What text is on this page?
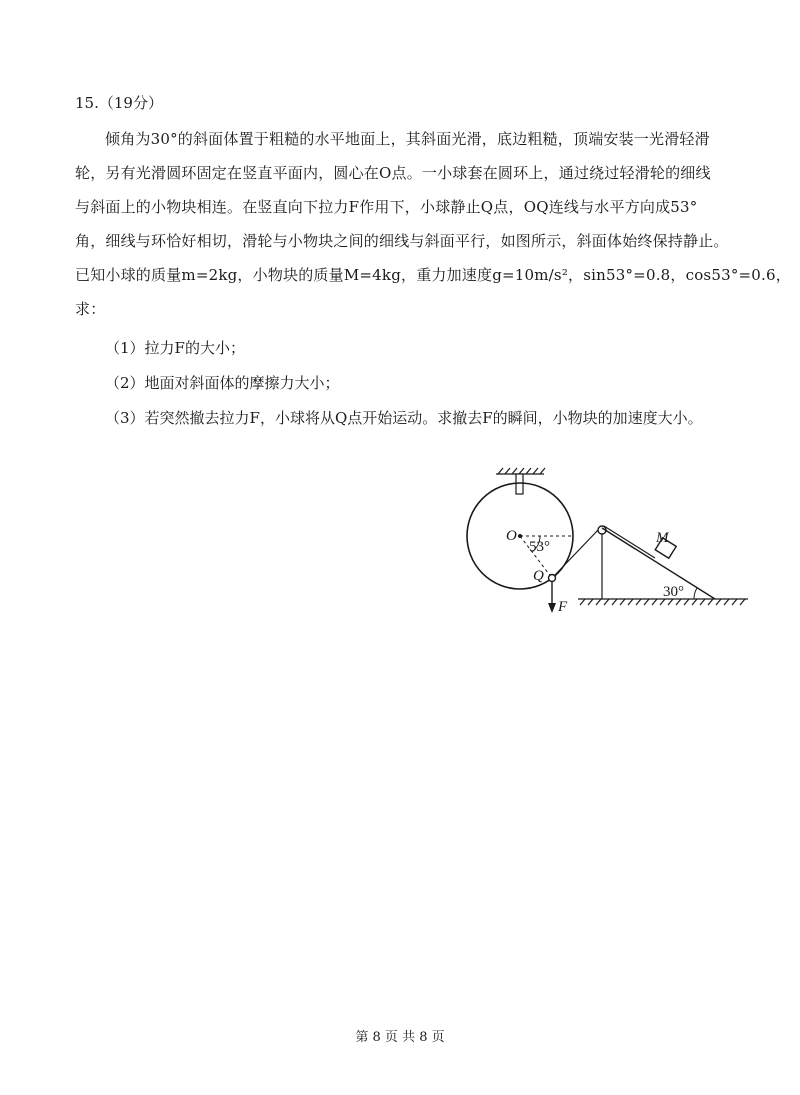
15.（19分）
倾角为30°的斜面体置于粗糙的水平地面上，其斜面光滑，底边粗糙，顶端安装一光滑轻滑
轮，另有光滑圆环固定在竖直平面内，圆心在O点。一小球套在圆环上，通过绕过轻滑轮的细线
与斜面上的小物块相连。在竖直向下拉力F作用下，小球静止Q点，OQ连线与水平方向成53°
角，细线与环恰好相切，滑轮与小物块之间的细线与斜面平行，如图所示，斜面体始终保持静止。
已知小球的质量m=2kg，小物块的质量M=4kg，重力加速度g=10m/s²，sin53°=0.8，cos53°=0.6，
求：
（1）拉力F的大小；
（2）地面对斜面体的摩擦力大小；
（3）若突然撤去拉力F，小球将从Q点开始运动。求撤去F的瞬间，小物块的加速度大小。
O
53°
Q
F
M
30°
第 8 页 共 8 页
